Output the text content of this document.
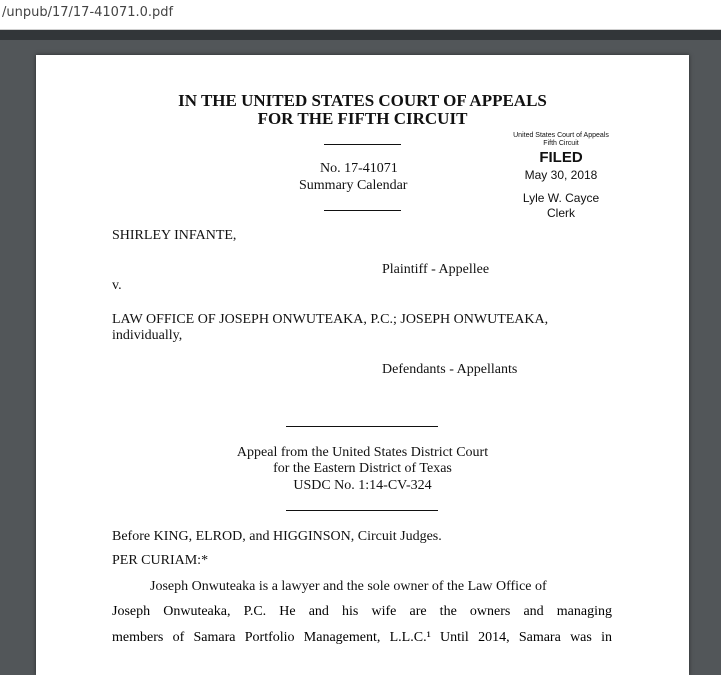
/unpub/17/17-41071.0.pdf
IN THE UNITED STATES COURT OF APPEALS
FOR THE FIFTH CIRCUIT
No. 17-41071
Summary Calendar
United States Court of Appeals
Fifth Circuit
FILED
May 30, 2018
Lyle W. Cayce
Clerk
SHIRLEY INFANTE,
Plaintiff - Appellee
v.
LAW OFFICE OF JOSEPH ONWUTEAKA, P.C.; JOSEPH ONWUTEAKA,
individually,
Defendants - Appellants
Appeal from the United States District Court
for the Eastern District of Texas
USDC No. 1:14-CV-324
Before KING, ELROD, and HIGGINSON, Circuit Judges.
PER CURIAM:*
Joseph Onwuteaka is a lawyer and the sole owner of the Law Office of
Joseph Onwuteaka, P.C. He and his wife are the owners and managing
members of Samara Portfolio Management, L.L.C.¹ Until 2014, Samara was in
